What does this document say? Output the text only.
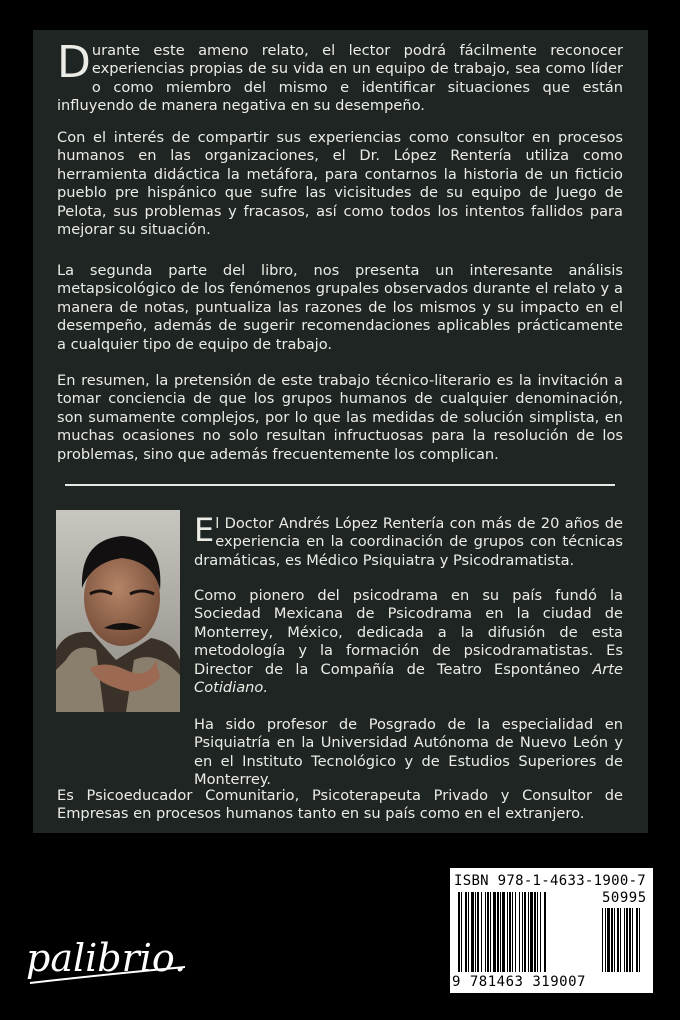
Durante este ameno relato, el lector podrá fácilmente reconocer experiencias propias de su vida en un equipo de trabajo, sea como líder o como miembro del mismo e identificar situaciones que están influyendo de manera negativa en su desempeño.

Con el interés de compartir sus experiencias como consultor en procesos humanos en las organizaciones, el Dr. López Rentería utiliza como herramienta didáctica la metáfora, para contarnos la historia de un ficticio pueblo pre hispánico que sufre las vicisitudes de su equipo de Juego de Pelota, sus problemas y fracasos, así como todos los intentos fallidos para mejorar su situación.

La segunda parte del libro, nos presenta un interesante análisis metapsicológico de los fenómenos grupales observados durante el relato y a manera de notas, puntualiza las razones de los mismos y su impacto en el desempeño, además de sugerir recomendaciones aplicables prácticamente a cualquier tipo de equipo de trabajo.

En resumen, la pretensión de este trabajo técnico-literario es la invitación a tomar conciencia de que los grupos humanos de cualquier denominación, son sumamente complejos, por lo que las medidas de solución simplista, en muchas ocasiones no solo resultan infructuosas para la resolución de los problemas, sino que además frecuentemente los complican.

El Doctor Andrés López Rentería con más de 20 años de experiencia en la coordinación de grupos con técnicas dramáticas, es Médico Psiquiatra y Psicodramatista.

Como pionero del psicodrama en su país fundó la Sociedad Mexicana de Psicodrama en la ciudad de Monterrey, México, dedicada a la difusión de esta metodología y la formación de psicodramatistas. Es Director de la Compañía de Teatro Espontáneo Arte Cotidiano.

Ha sido profesor de Posgrado de la especialidad en Psiquiatría en la Universidad Autónoma de Nuevo León y en el Instituto Tecnológico y de Estudios Superiores de Monterrey.

Es Psicoeducador Comunitario, Psicoterapeuta Privado y Consultor de Empresas en procesos humanos tanto en su país como en el extranjero.

palibrio.
ISBN 978-1-4633-1900-7
50995
9 781463 319007
